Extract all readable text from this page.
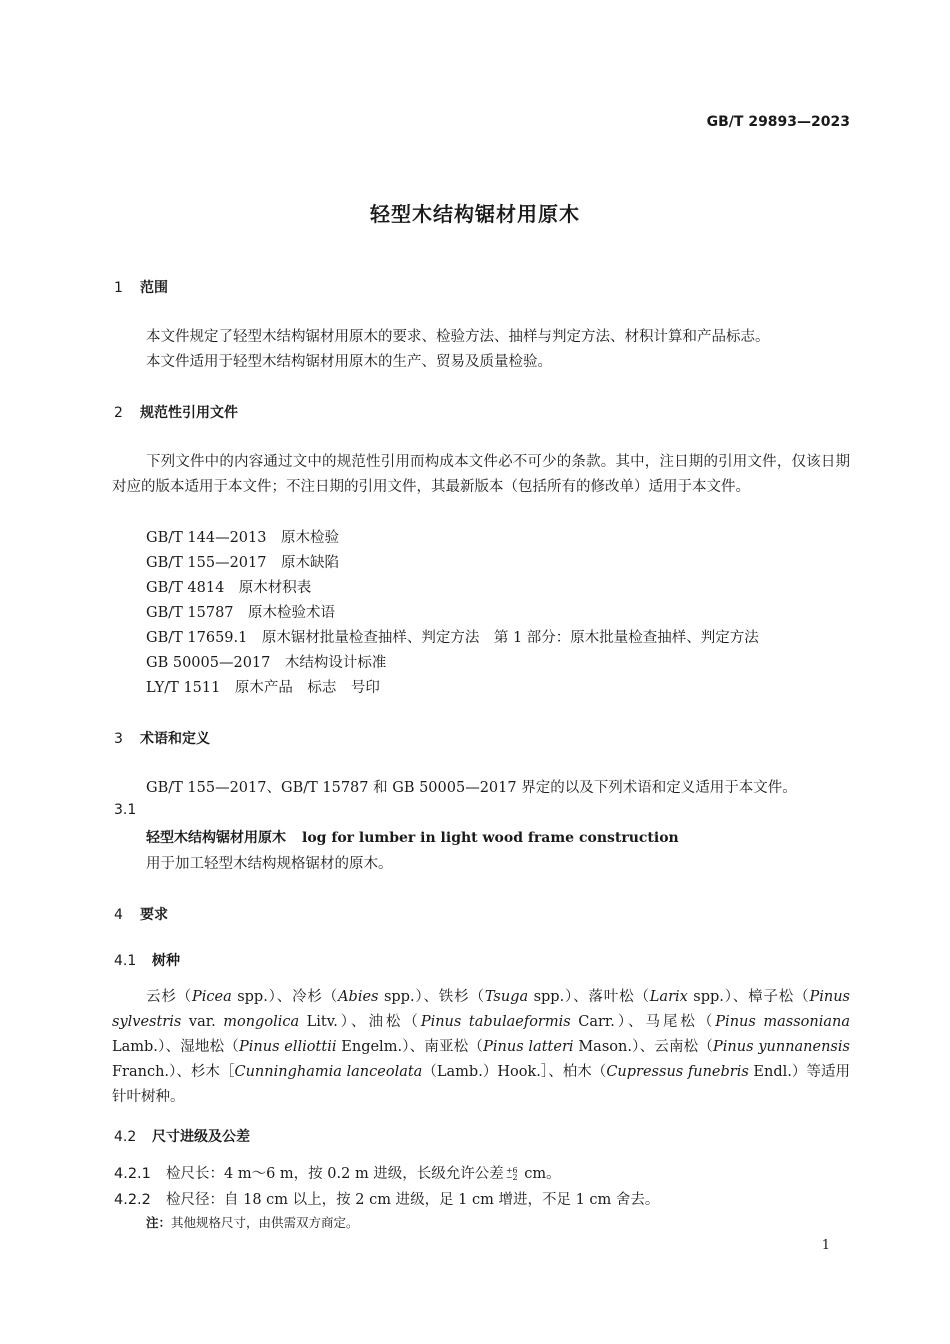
GB/T 29893—2023
轻型木结构锯材用原木
1 范围
本文件规定了轻型木结构锯材用原木的要求、检验方法、抽样与判定方法、材积计算和产品标志。
本文件适用于轻型木结构锯材用原木的生产、贸易及质量检验。
2 规范性引用文件
下列文件中的内容通过文中的规范性引用而构成本文件必不可少的条款。其中，注日期的引用文件，仅该日期对应的版本适用于本文件；不注日期的引用文件，其最新版本（包括所有的修改单）适用于本文件。
GB/T 144—2013　原木检验
GB/T 155—2017　原木缺陷
GB/T 4814　原木材积表
GB/T 15787　原木检验术语
GB/T 17659.1　原木锯材批量检查抽样、判定方法　第 1 部分：原木批量检查抽样、判定方法
GB 50005—2017　木结构设计标准
LY/T 1511　原木产品　标志　号印
3 术语和定义
GB/T 155—2017、GB/T 15787 和 GB 50005—2017 界定的以及下列术语和定义适用于本文件。
3.1
轻型木结构锯材用原木 log for lumber in light wood frame construction
用于加工轻型木结构规格锯材的原木。
4 要求
4.1 树种
云杉（Picea spp.）、冷杉（Abies spp.）、铁杉（Tsuga spp.）、落叶松（Larix spp.）、樟子松（Pinus sylvestris var. mongolica Litv.）、油松（Pinus tabulaeformis Carr.）、马尾松（Pinus massoniana Lamb.）、湿地松（Pinus elliottii Engelm.）、南亚松（Pinus latteri Mason.）、云南松（Pinus yunnanensis Franch.）、杉木［Cunninghamia lanceolata（Lamb.）Hook.］、柏木（Cupressus funebris Endl.）等适用针叶树种。
4.2 尺寸进级及公差
4.2.1 检尺长：4 m～6 m，按 0.2 m 进级，长级允许公差 +6
−2 cm。
4.2.2 检尺径：自 18 cm 以上，按 2 cm 进级，足 1 cm 增进，不足 1 cm 舍去。
注：其他规格尺寸，由供需双方商定。
1
